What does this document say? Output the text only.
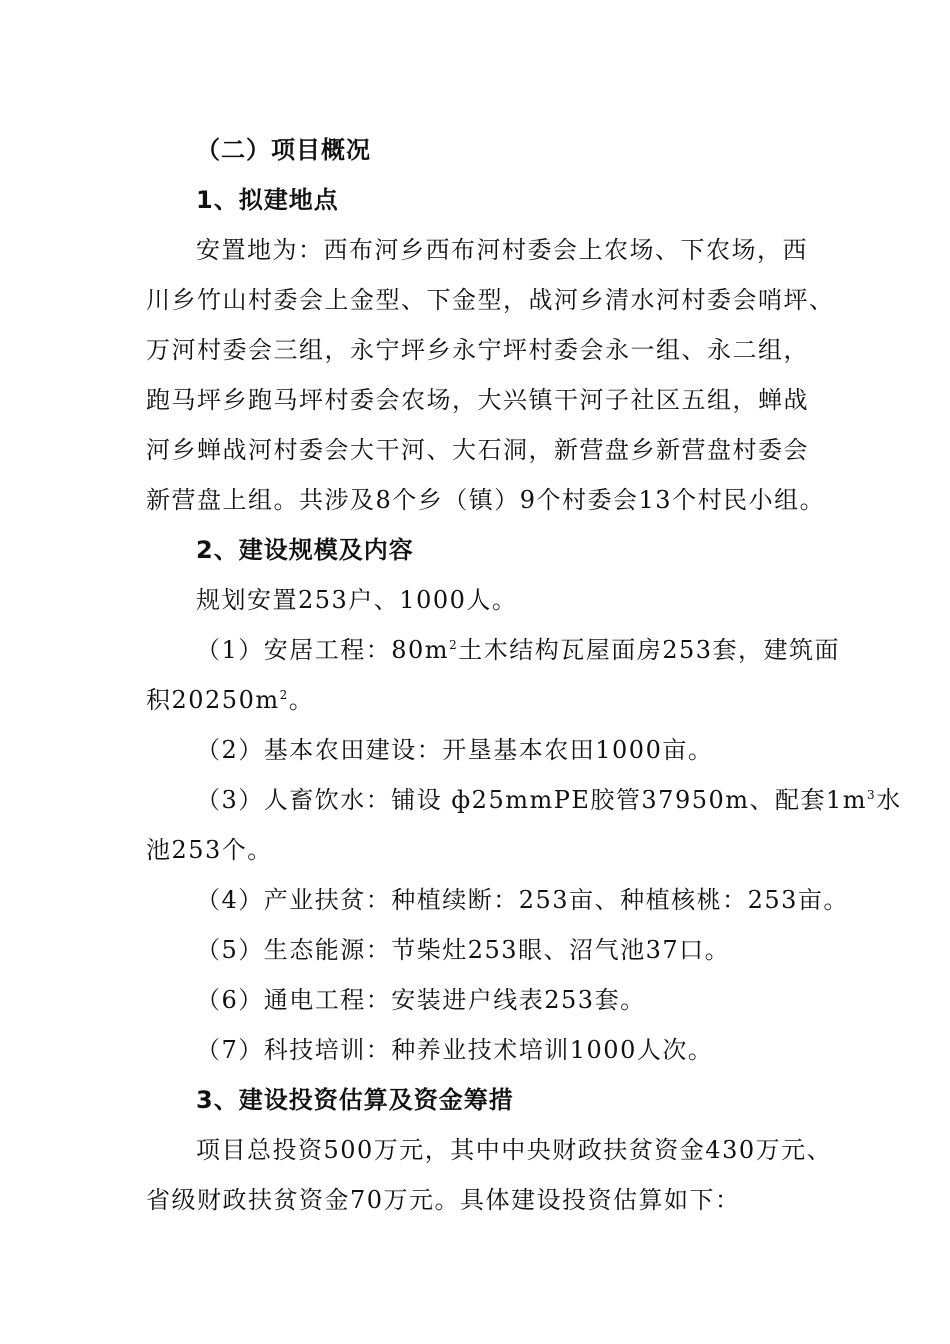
（二）项目概况
1、拟建地点
安置地为：西布河乡西布河村委会上农场、下农场，西
川乡竹山村委会上金型、下金型，战河乡清水河村委会哨坪、
万河村委会三组，永宁坪乡永宁坪村委会永一组、永二组，
跑马坪乡跑马坪村委会农场，大兴镇干河子社区五组，蝉战
河乡蝉战河村委会大干河、大石洞，新营盘乡新营盘村委会
新营盘上组。共涉及8个乡（镇）9个村委会13个村民小组。
2、建设规模及内容
规划安置253户、1000人。
（1）安居工程：$80m^2$土木结构瓦屋面房253套，建筑面
积$20250m^2$。
（2）基本农田建设：开垦基本农田1000亩。
（3）人畜饮水：铺设 ф25mmPE胶管37950m、配套$1m^3$水
池253个。
（4）产业扶贫：种植续断：253亩、种植核桃：253亩。
（5）生态能源：节柴灶253眼、沼气池37口。
（6）通电工程：安装进户线表253套。
（7）科技培训：种养业技术培训1000人次。
3、建设投资估算及资金筹措
项目总投资500万元，其中中央财政扶贫资金430万元、
省级财政扶贫资金70万元。具体建设投资估算如下：
